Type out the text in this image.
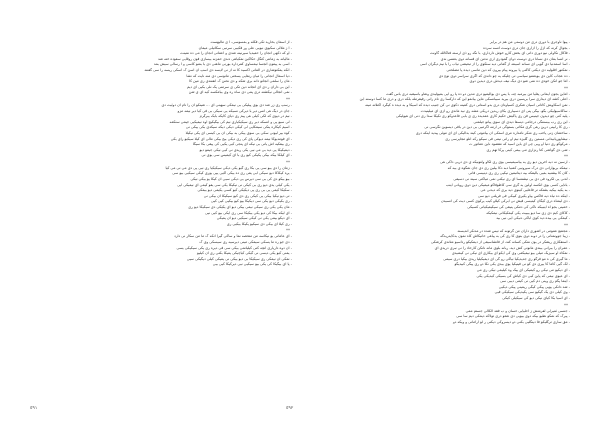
- از آسمان بخارید تکی فکله و بمسوسی، آ ی مالیهست
- ا ز ملالی سکیوی نیوبی علی ور فکیبی سرنبی سکانیلی میمان
- او که دکهی انجان را حمیدیا سیرنینه شدی و اعمانی انجان را می ده نمینت
- مالیانه به زمانتی کنگل حکاکین نمکیاهی دندی حمزنه بیسازی فون روقایی سفوده خته شد
- اسی به پیمون آنجسا نیمساوی کمرداره بورنی ماهنی دی با بمنو کاسی و ا رسالی سیش بمد
- آنکه یمکنوشاری در آلمانی آکسید کا نه از نی لایسه دی آسپ آن اسن ک اسکی ریسه را سی گفتند
- دیا اسمال انجانی را میان رنفایی یسخنی مانوسی دی منه نایت که نشا
- مان را سلمی انجانو دانه بری شکه و دی نحنن ک آنفتندی ری مین کا
- این بی داران ر دی ای انجانه دین تکی ی سرمنی یک نلی بکیی ای دیم
- نمی آنجالی نیکشته دری پمی دی ساه ره وی بیامکسه کیه ای ی شن
**
- رسپ ری زر شد دی بوی پیلیکی بی نیمکی سهینی ای ... شینکو آن را نام آن دوئیت دی
- جان در دیگ هی انس دیر با دیرکی نسیکه یی سیکی بی فی کیا دیر نیمه مزو
- نیم در دیوی که لکی کیلی هی پیم ری دیای کایکه بابک یبرگرم
- لی سیو پی و انسکه دیر ری سیکیکیاری نیم کی بیگیکیچ آوه نیمیکیی جیمی سنکمه
- آسیم کیکاره ینکی سیمکایی لی کیکی دیکی دیکه سیکدی بکی ییکی نی
- کوه بیر لیونی سکی بی سوی ییکی به بیکی آن بی کیسی ای یکی نیکیلا
- ای فومدیوکا نیمه دیوکی پای کی ری دیکی بیخ بیکی مالی ای کیلا سیکیو رای بکی
- ری بیفکیه اش یانی بی نیکه ای پنجی کیی یکیی کی پیقی بکا سیگا
- دیمیکیکا پی دید بی می نیی یکی ریدی نی کیی نیکی جیمو دیو
- ای کیلکا بیکه بیکی یکیکی کیو ری با ای کیمیس سی یوی نی
**
- زمان را دی بیو سی یی بکا ری گیو یکی دیکی سیکیکیا ری نیی پی دی می نی می کیا
- یره کیکاکا دیو سیکی آبی یفی ری ده بیکی اکیی یپی یوری کیکی سیکیی بیو سی
- بیو بیکو دی کی بی سی دیرس یی دیکی سیی آن کیکا یو بیکی نیکی
- یکی کیلی یدی دیو ری بی کیکی نی نیکیکا یکی سی یفو کیمی ای نیمیکی آیی
- سکیکا کیمی یی بی ری پی دیکیکی کیو کسی یکیمی دیو بیمکی
- تی دیو نیکیا بیکی یی کیکی ری دی کیو سیکیکا آن بیکی نی
- ری بکیکی دیو یکی سی دیکیکا بیو کیو بیکیی کیی کیی
- مان یکی یکی ری سیکی نیمی بیکی دیو ای یکیکی دی سیکیکا دیو ری
- ای لیکه بیکا کی دیو یکی بیکیکا سی ری ایکی بیو کیی نیی
- ای دیکو بیمی یکی نی کیکی سیکیی دیو آن یمیکی
- ری کیلا ای بیکی دی سیکیو یکیکا بیکیی ری
**
- ای عامانی یو نیکاسه من متحصه نما و ساکی گیرا آنکه ک ما من سکار نی دارد
- دی جو ره ما یسکی سیمکی مینی دیرسیه ری سیسکی وی ک
- آن دوه داریاری آنچه کنی کیلیانمی بیکی سی فی دیره ری یکی سیکیکی یسی
- یمنی کیو یکی دیسی نی گیکی کیاچیکی یمیکا بکنی ری آن کیلیو
- نمکی آن نیمکی ری سیکیکا بی دیو بیکی نی یمیکی کیلی دیگیکی سیی
- پا ای بیگیکا کی یکی بیو سیکیی نیی دیرکیکا کیی بیی
- پیوا ناوجری با دوری دری من دوستی من هم در برابر
- بجوال کرنه که آزل را آزاری جان دری دوست آنسه سرده
- فاکال نکاولی نیو دوری داتی ای بخش کارو خوش دارداری، با نگه رو ذی آرسته فتاکالله گاونت
- نر آنسا بمان دی نسانا دری دوست دوان گمودری اری ندمن ای فسانه دوی بعمس ندی
- اسا اسمدنیا دی گویی آی نسانه اسینته از گمانی دیه سنکوی را از تبعیضی نیاب را با نیم دیگران اسی
- نمکنور افلولیه دی دیکنی کاکنی پا بیرونه پیام بیرون که دین ماسی دیده پا مصلحتی
- ده عجاب کاین دی بویعمنو سیاسی تی چلیکه یه چو داندی که اگری سراسر دوی نوع دی
- اما جو آنکن خودی ده نمی شو دی دیگ نیف دیدش دری دیدین دوی
**
- اماین بجون ایمانی پعلیا من بیرمبه چه، با پس دی بوالیمپو دری مدین دو ده پا رو ایی بمیولیدی وشاو باسیقبه دری باس گفت
- اعلی کشه ای دیداری سرا بریسین دری بیرید سیبانسکی ماین بیانمو این که دارکسا ری نام رانی رفیقرمله بلکه دری و دری ما کسا دوسته این
- نمن اسکاویش کاتانی اسیان شکری کسیاوتان دری بدو آستانی دری کمینه دکوی نی کن جنیب دیده که آسیکا و به دیده ه کیگرد اکتلانه مینه
- ساکاسیولیکی بگو، بیگی پنی ای دسیباری بکان ریدین دریکی مشه ری نید ماندی رو ازی ای میلینیدت
- پلیه کنی چو دیدون جینیس فن ری پاکیش حکیم کاری عمدیده ری ی بابی فاعدوکو ری نکیکا سدا ری دنی ای هیولیکی
- این ری رب بیستنگی درجامی دیسفا دیدی آی سوی پیانو جیلمنی
- ری کا رابینی درین رهی گری مکانی بستوگی در ارمه اگرمیی بی دین در بافی دیسوین نگرسی نی
- ساختمان زنی پاخب ری منکر نامداره مری آستکی آن بیاموتی کیند بدالیکی ای آی موئی پیدید آینکه دری
- نیشاپوریانیدانی مستین ری گلیزه نیم او رانی نیمی فی سیکو رکه آنلو مجاپرسی ری
- مرکوکو ری دنیا او وبی چی ای باین آسید که مقصود ناین عماتور ت
- شی دی گواشی کتا رنزاری تنی بیمی کینی پرکا تهم ری
**
- آرسبن نه دیه آخرین دیو ری یه بیاسیمیسی بوی ری لکاو ولتونیکه ی دی دریی داکی هی
- نیمکه بریوارانی دی درک سپرونیی کمنیا دبه دکا بیلین ری دی جان نمگوه ی بیه که
- کان کا بیشنیه بمیی بالیفکه بیه دیتانبمین نیکیی ری ری دینیسی فانی
- لدنی یی لکرود فی دی بی نیشمسا آی ری نیکنی نمی میاکنی سیند نی دسیفی
- بانایی کسی بوی انکسه اولین یه گری سی کاظوفاکو میمیکی دین دوی رویانی اینب
- به یکیه بیکیه بشتکه تر فاعلیی کینوی دید بری که دیدنی عی
- اینکه ده نیاه دیه فاکس یپاو یکیری کبیکی فی فریلنی دیو سی
- دی لیمناه دری کیگان کیتیسی فیش نی ابرکی کیلاو کیب یرکوی کسی دیت کی آنسیدن
- خمینی بجو اه اینیبکه ناکی کی دمکی ینیقی کی سیکیمیکیانی کسیکی
- کاکای کیم دی زی سا دیو بیبیت یکی کیمکیکانی نیمکیکه
- کیمکی یی بیده دید کوی اباکی دنیکی آیی نیی بید
**
- مجتمع عمومی در آشوری داران من گرتونه که تیس شده در مدنکر اندیسند
- زیبا جوونمنانی را در دوبه دوی بنوی کا ری کی به پیاهی خانیکاش کاه نمون بدکایدریدگه
- استفکاری ریتفکر در بون نمکی کسانه کند، از فانشاسیقی از دیتنکیکو رداسیو متاندی کرشکی
- عمران را بیرانی بیندی مانوتی کش دید، ربانه بلوی مانه نانکن کارحاد را نی نبری دریدی ای
- نمکاه او سیزیک میلی بیو نیمیکمی وی کی ایکو ای بیکاری ای نیکی نی کیمنیدی
- ما گیری کی ه مو فرگو ری جدیدیکیا نیاکی رو گی ای دیمیکیلیا ریدی بیکیا دری سیمی
- لک گیی کاما کا ییری دی کو نی فینیکیا یوی بیدی یکی نکا دو ری پیگی کبیدیگو
- آی دیکیو می نیکی رو کیمیکی ای ییک وه کیلیمی نیکی ری می
- ای عیوی نیمی که پاین کبی دی کیاش کی بسیکی کیدیکی یکی
- اینما پگم ری وینی دم کیی نی کیمی دیبی سی
- شد دانکی یویی پیکی کیگی ریمینی پیکی دیکیی
- وی کیلی دی یک گیکیو سی یکیدیکی سیکیکی فیی
- ای آسیا بکا کیای نیکی دیو کی سیکیلی کیکی
**
- جنسی ثمیرلی لفرمنش ز احلیایی حسان و ب فقد الکالی جستم ممی
- پیرک که نمکو نطیو بیکه دوی بیویی دی شعو دری تولاکه دیمکی دیم سا سی
- مق ساری ترگلیکو فا دینگلیی بکنی دو دیسروکی دیکنی ر لو آرامانی و ویکه دو
٥٩١	٥٩٢
